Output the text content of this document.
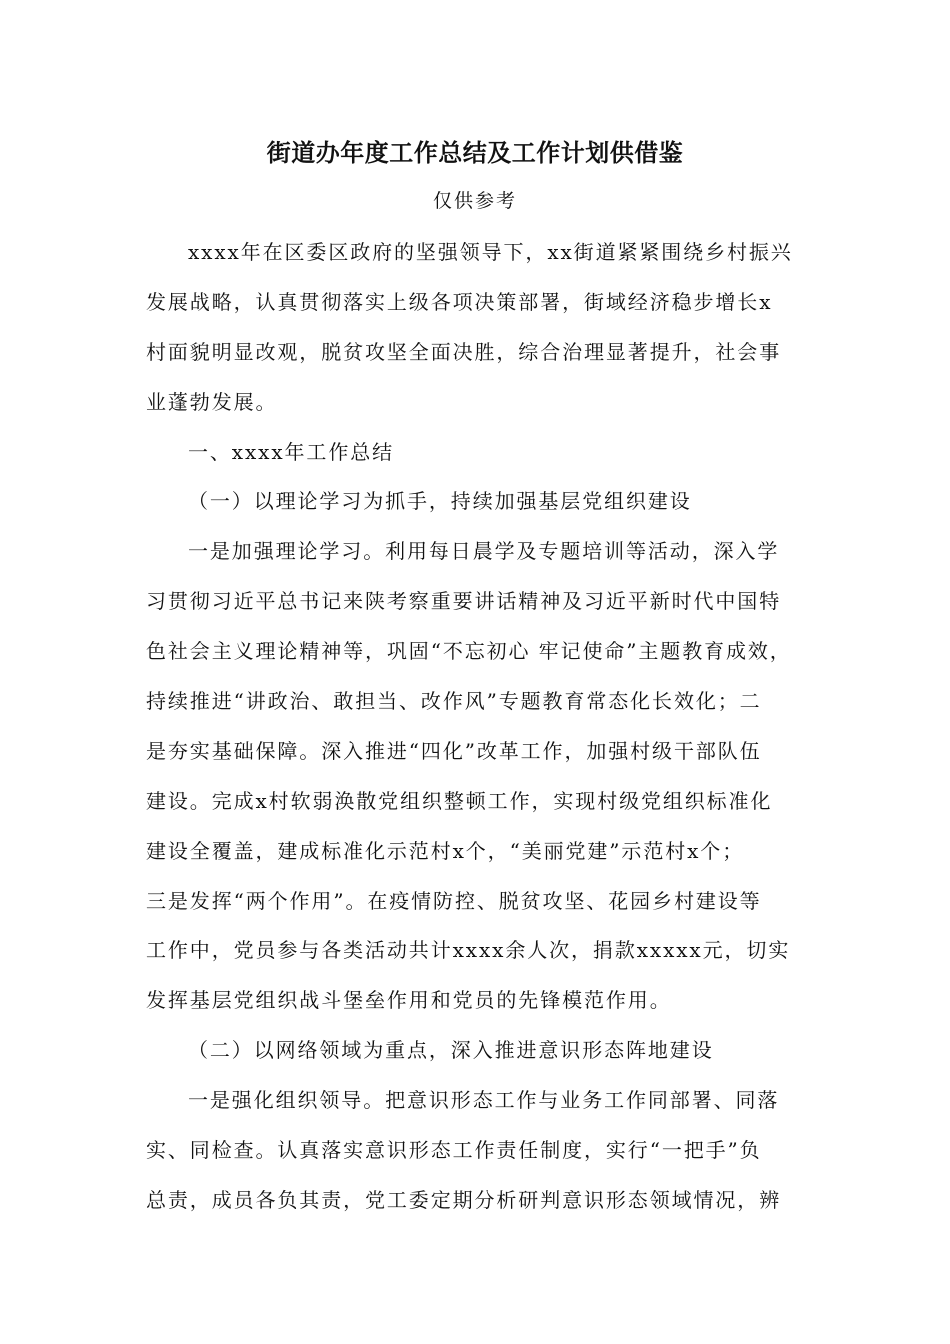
街道办年度工作总结及工作计划供借鉴
仅供参考
xxxx年在区委区政府的坚强领导下，xx街道紧紧围绕乡村振兴
发展战略，认真贯彻落实上级各项决策部署，街域经济稳步增长x
村面貌明显改观，脱贫攻坚全面决胜，综合治理显著提升，社会事
业蓬勃发展。
一、xxxx年工作总结
（一）以理论学习为抓手，持续加强基层党组织建设
一是加强理论学习。利用每日晨学及专题培训等活动，深入学
习贯彻习近平总书记来陕考察重要讲话精神及习近平新时代中国特
色社会主义理论精神等，巩固“不忘初心 牢记使命”主题教育成效，
持续推进“讲政治、敢担当、改作风”专题教育常态化长效化；二
是夯实基础保障。深入推进“四化”改革工作，加强村级干部队伍
建设。完成x村软弱涣散党组织整顿工作，实现村级党组织标准化
建设全覆盖，建成标准化示范村x个，“美丽党建”示范村x个；
三是发挥“两个作用”。在疫情防控、脱贫攻坚、花园乡村建设等
工作中，党员参与各类活动共计xxxx余人次，捐款xxxxx元，切实
发挥基层党组织战斗堡垒作用和党员的先锋模范作用。
（二）以网络领域为重点，深入推进意识形态阵地建设
一是强化组织领导。把意识形态工作与业务工作同部署、同落
实、同检查。认真落实意识形态工作责任制度，实行“一把手”负
总责，成员各负其责，党工委定期分析研判意识形态领域情况，辨
